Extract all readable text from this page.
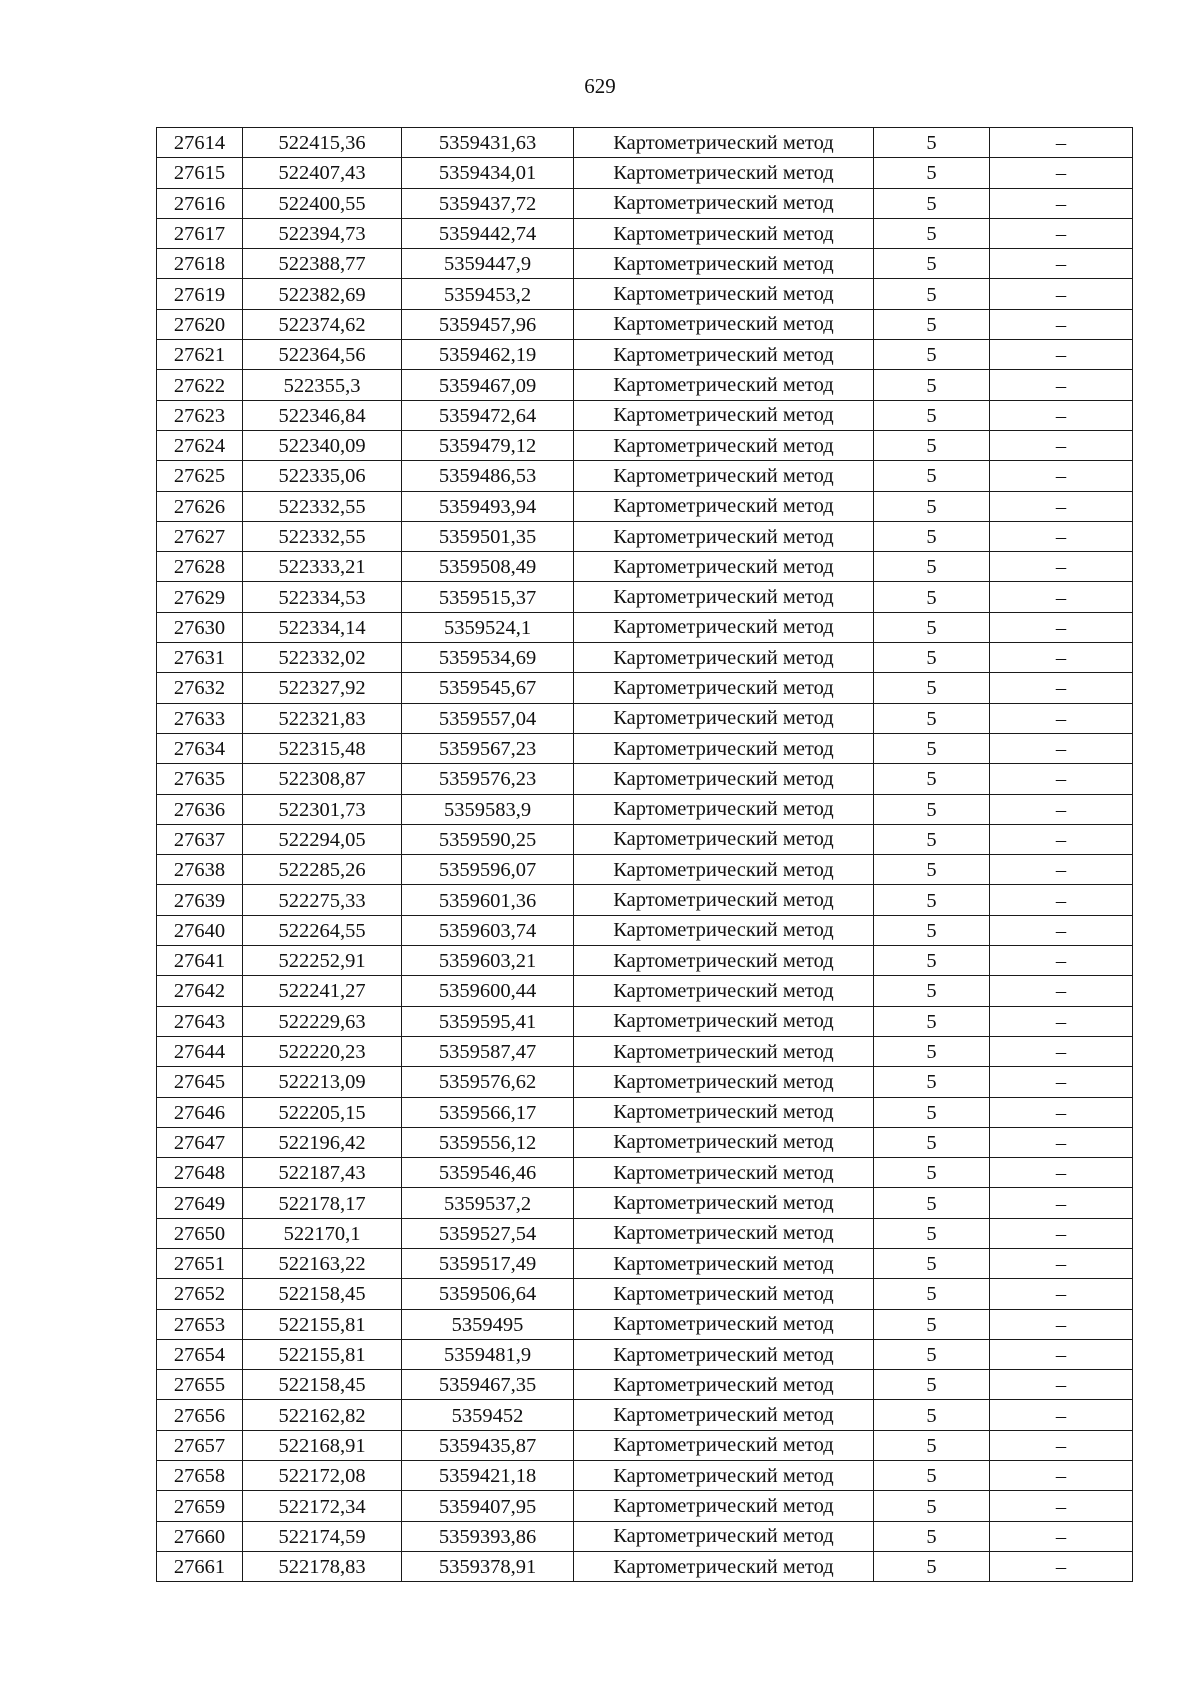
629
27614	522415,36	5359431,63	Картометрический метод	5	–
27615	522407,43	5359434,01	Картометрический метод	5	–
27616	522400,55	5359437,72	Картометрический метод	5	–
27617	522394,73	5359442,74	Картометрический метод	5	–
27618	522388,77	5359447,9	Картометрический метод	5	–
27619	522382,69	5359453,2	Картометрический метод	5	–
27620	522374,62	5359457,96	Картометрический метод	5	–
27621	522364,56	5359462,19	Картометрический метод	5	–
27622	522355,3	5359467,09	Картометрический метод	5	–
27623	522346,84	5359472,64	Картометрический метод	5	–
27624	522340,09	5359479,12	Картометрический метод	5	–
27625	522335,06	5359486,53	Картометрический метод	5	–
27626	522332,55	5359493,94	Картометрический метод	5	–
27627	522332,55	5359501,35	Картометрический метод	5	–
27628	522333,21	5359508,49	Картометрический метод	5	–
27629	522334,53	5359515,37	Картометрический метод	5	–
27630	522334,14	5359524,1	Картометрический метод	5	–
27631	522332,02	5359534,69	Картометрический метод	5	–
27632	522327,92	5359545,67	Картометрический метод	5	–
27633	522321,83	5359557,04	Картометрический метод	5	–
27634	522315,48	5359567,23	Картометрический метод	5	–
27635	522308,87	5359576,23	Картометрический метод	5	–
27636	522301,73	5359583,9	Картометрический метод	5	–
27637	522294,05	5359590,25	Картометрический метод	5	–
27638	522285,26	5359596,07	Картометрический метод	5	–
27639	522275,33	5359601,36	Картометрический метод	5	–
27640	522264,55	5359603,74	Картометрический метод	5	–
27641	522252,91	5359603,21	Картометрический метод	5	–
27642	522241,27	5359600,44	Картометрический метод	5	–
27643	522229,63	5359595,41	Картометрический метод	5	–
27644	522220,23	5359587,47	Картометрический метод	5	–
27645	522213,09	5359576,62	Картометрический метод	5	–
27646	522205,15	5359566,17	Картометрический метод	5	–
27647	522196,42	5359556,12	Картометрический метод	5	–
27648	522187,43	5359546,46	Картометрический метод	5	–
27649	522178,17	5359537,2	Картометрический метод	5	–
27650	522170,1	5359527,54	Картометрический метод	5	–
27651	522163,22	5359517,49	Картометрический метод	5	–
27652	522158,45	5359506,64	Картометрический метод	5	–
27653	522155,81	5359495	Картометрический метод	5	–
27654	522155,81	5359481,9	Картометрический метод	5	–
27655	522158,45	5359467,35	Картометрический метод	5	–
27656	522162,82	5359452	Картометрический метод	5	–
27657	522168,91	5359435,87	Картометрический метод	5	–
27658	522172,08	5359421,18	Картометрический метод	5	–
27659	522172,34	5359407,95	Картометрический метод	5	–
27660	522174,59	5359393,86	Картометрический метод	5	–
27661	522178,83	5359378,91	Картометрический метод	5	–
